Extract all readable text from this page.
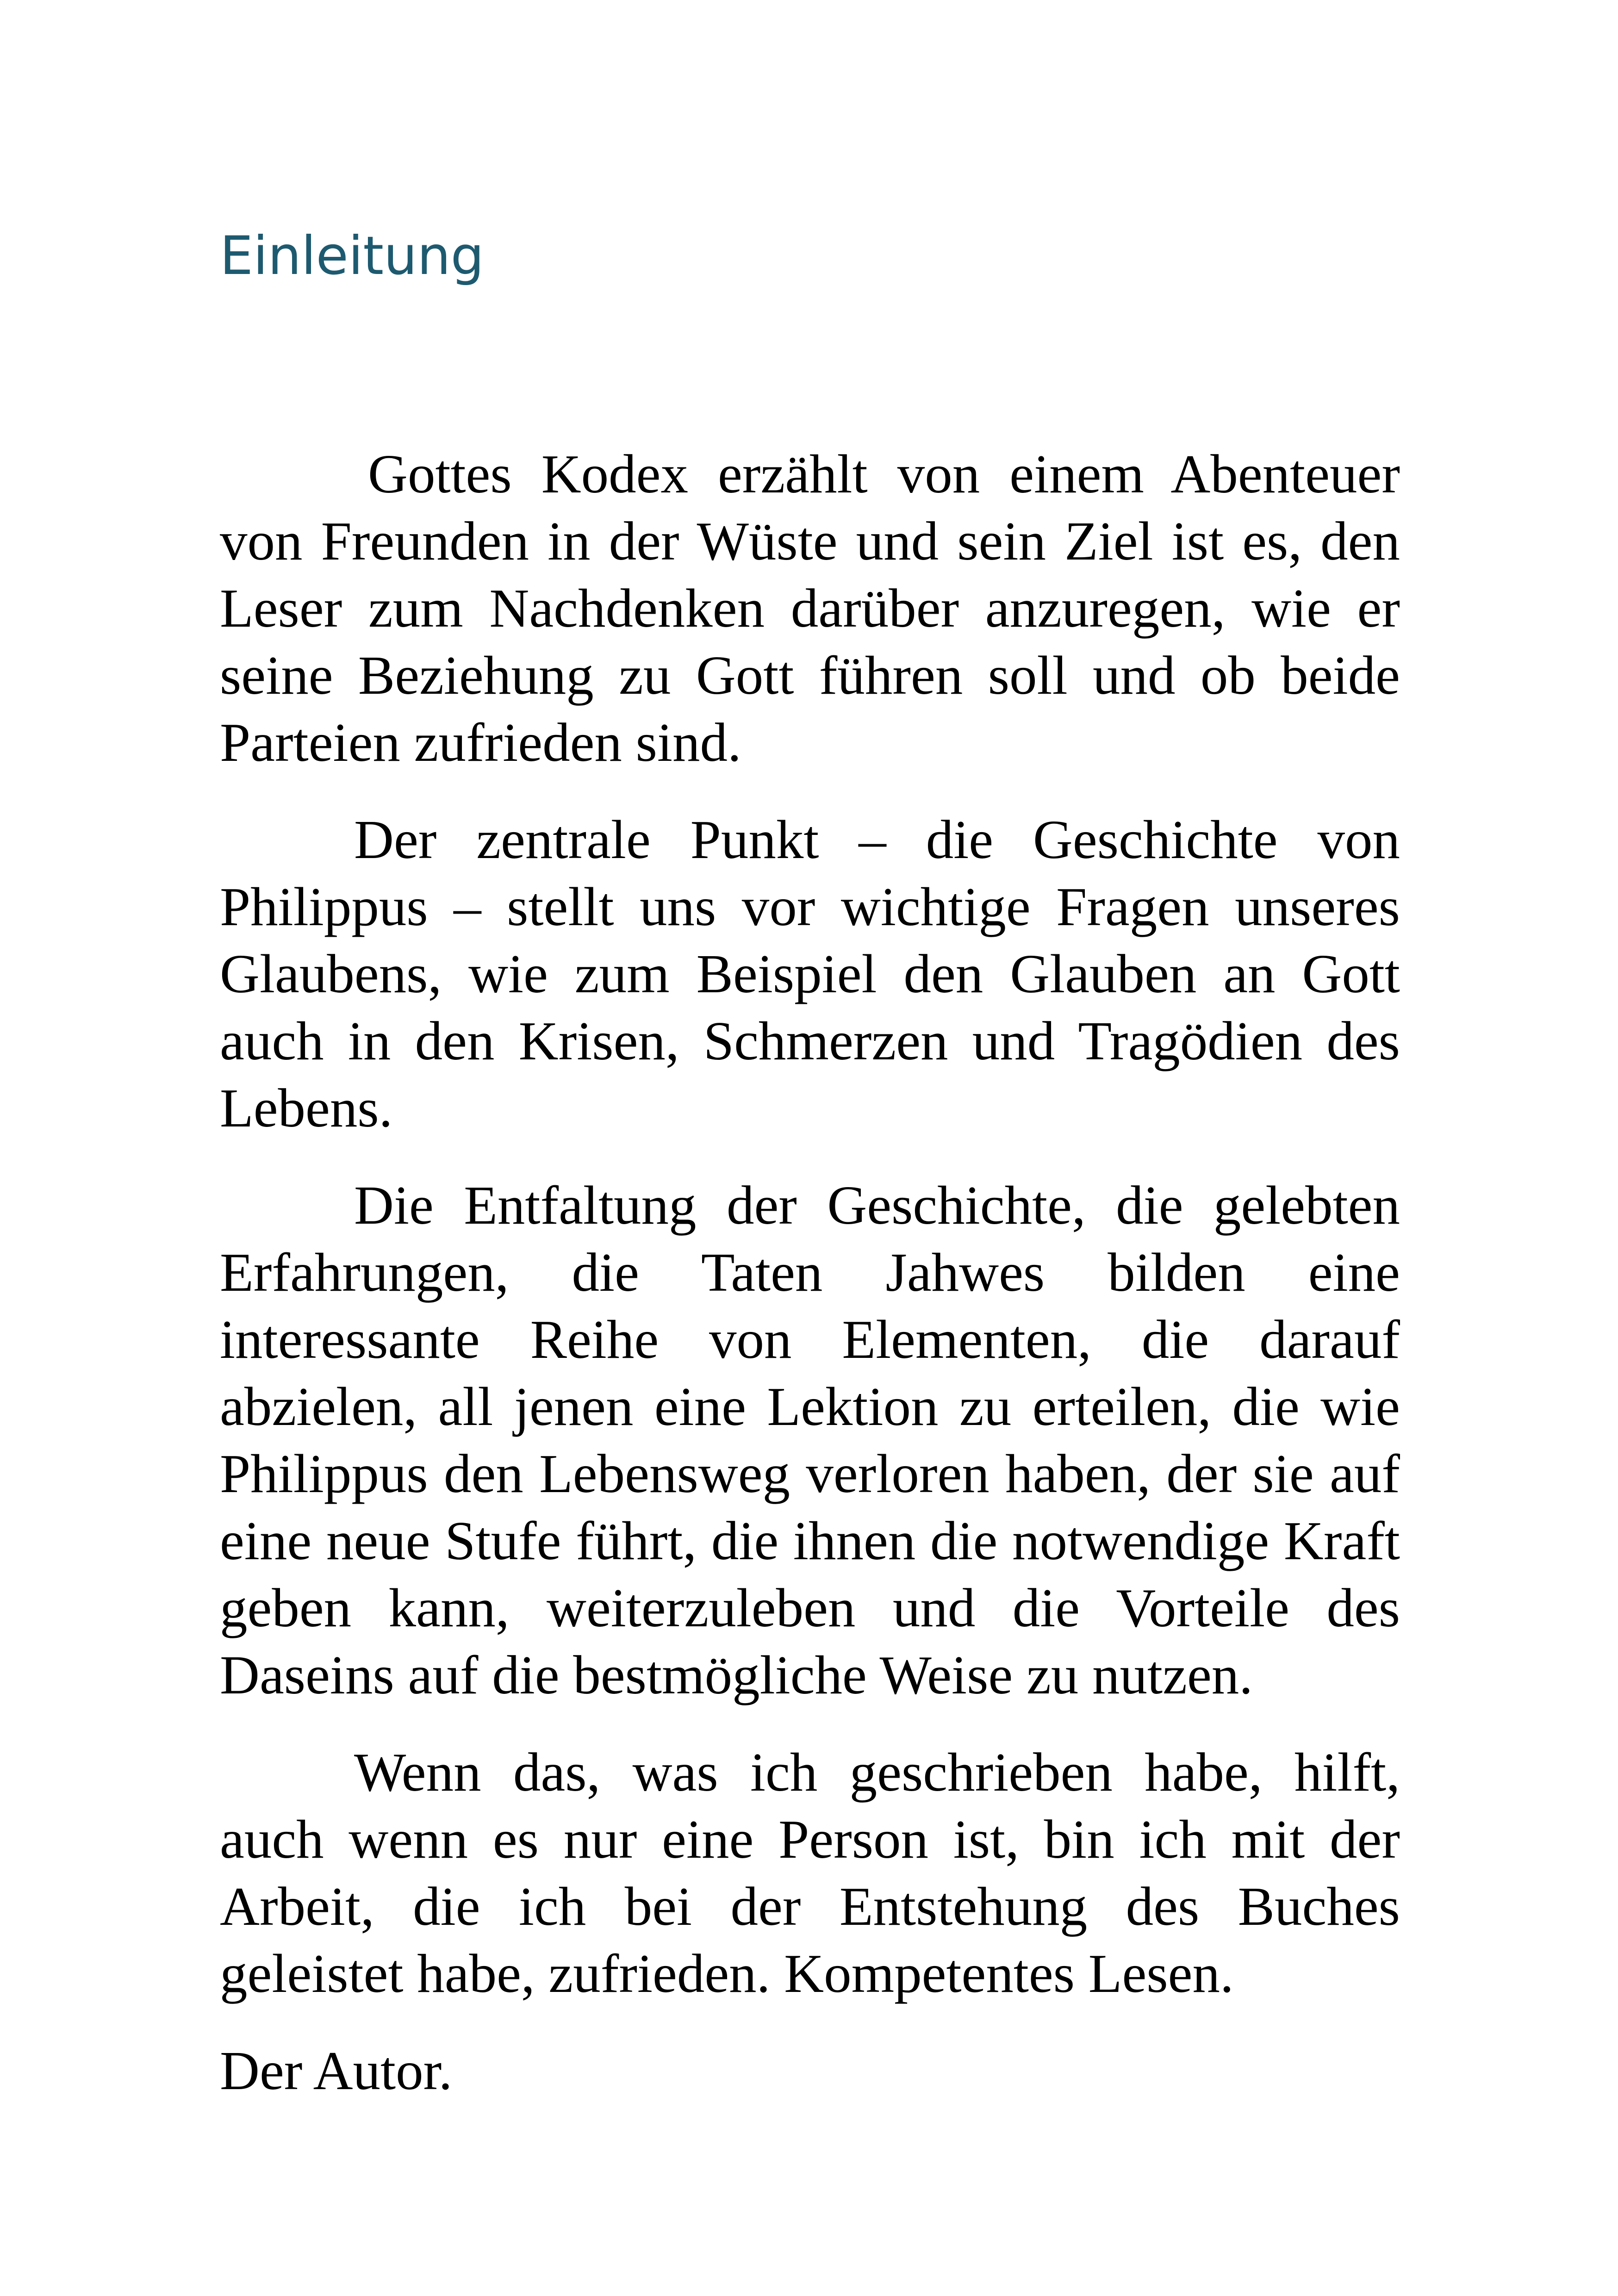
Einleitung

Gottes Kodex erzählt von einem Abenteuer von Freunden in der Wüste und sein Ziel ist es, den Leser zum Nachdenken darüber anzuregen, wie er seine Beziehung zu Gott führen soll und ob beide Parteien zufrieden sind.

Der zentrale Punkt – die Geschichte von Philippus – stellt uns vor wichtige Fragen unseres Glaubens, wie zum Beispiel den Glauben an Gott auch in den Krisen, Schmerzen und Tragödien des Lebens.

Die Entfaltung der Geschichte, die gelebten Erfahrungen, die Taten Jahwes bilden eine interessante Reihe von Elementen, die darauf abzielen, all jenen eine Lektion zu erteilen, die wie Philippus den Lebensweg verloren haben, der sie auf eine neue Stufe führt, die ihnen die notwendige Kraft geben kann, weiterzuleben und die Vorteile des Daseins auf die bestmögliche Weise zu nutzen.

Wenn das, was ich geschrieben habe, hilft, auch wenn es nur eine Person ist, bin ich mit der Arbeit, die ich bei der Entstehung des Buches geleistet habe, zufrieden. Kompetentes Lesen.

Der Autor.
